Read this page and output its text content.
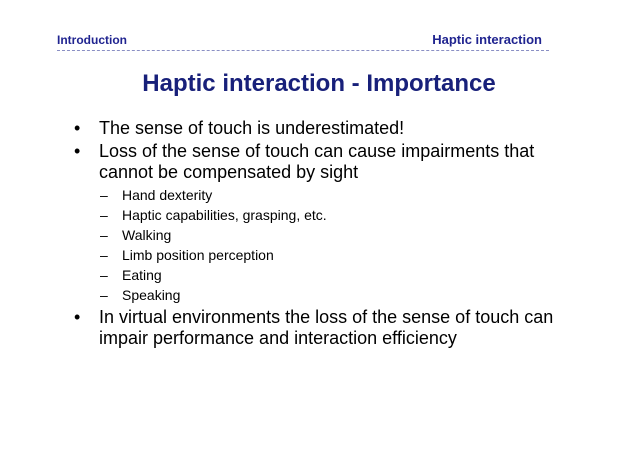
Introduction	Haptic interaction
Haptic interaction - Importance
• The sense of touch is underestimated!
• Loss of the sense of touch can cause impairments that cannot be compensated by sight
– Hand dexterity
– Haptic capabilities, grasping, etc.
– Walking
– Limb position perception
– Eating
– Speaking
• In virtual environments the loss of the sense of touch can impair performance and interaction efficiency
